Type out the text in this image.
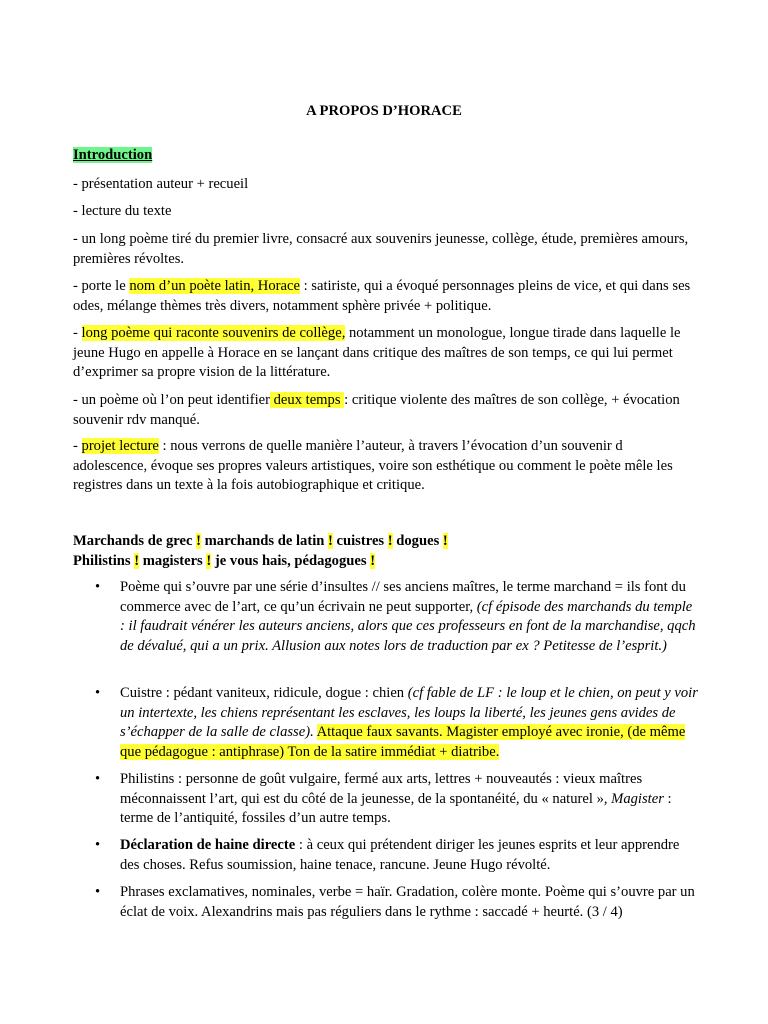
A PROPOS D’HORACE
Introduction
- présentation auteur + recueil
- lecture du texte
- un long poème tiré du premier livre, consacré aux souvenirs jeunesse, collège, étude, premières amours, premières révoltes.
- porte le nom d’un poète latin, Horace : satiriste, qui a évoqué personnages pleins de vice, et qui dans ses odes, mélange thèmes très divers, notamment sphère privée + politique.
- long poème qui raconte souvenirs de collège, notamment un monologue, longue tirade dans laquelle le jeune Hugo en appelle à Horace en se lançant dans critique des maîtres de son temps, ce qui lui permet d’exprimer sa propre vision de la littérature.
- un poème où l’on peut identifier deux temps : critique violente des maîtres de son collège, + évocation souvenir rdv manqué.
- projet lecture : nous verrons de quelle manière l’auteur, à travers l’évocation d’un souvenir d adolescence, évoque ses propres valeurs artistiques, voire son esthétique ou comment le poète mêle les registres dans un texte à la fois autobiographique et critique.
Marchands de grec ! marchands de latin ! cuistres ! dogues !
Philistins ! magisters ! je vous hais, pédagogues !
• Poème qui s’ouvre par une série d’insultes // ses anciens maîtres, le terme marchand = ils font du commerce avec de l’art, ce qu’un écrivain ne peut supporter, (cf épisode des marchands du temple : il faudrait vénérer les auteurs anciens, alors que ces professeurs en font de la marchandise, qqch de dévalué, qui a un prix. Allusion aux notes lors de traduction par ex ? Petitesse de l’esprit.)
• Cuistre : pédant vaniteux, ridicule, dogue : chien (cf fable de LF : le loup et le chien, on peut y voir un intertexte, les chiens représentant les esclaves, les loups la liberté, les jeunes gens avides de s’échapper de la salle de classe). Attaque faux savants. Magister employé avec ironie, (de même que pédagogue : antiphrase) Ton de la satire immédiat + diatribe.
• Philistins : personne de goût vulgaire, fermé aux arts, lettres + nouveautés : vieux maîtres méconnaissent l’art, qui est du côté de la jeunesse, de la spontanéité, du « naturel », Magister : terme de l’antiquité, fossiles d’un autre temps.
• Déclaration de haine directe : à ceux qui prétendent diriger les jeunes esprits et leur apprendre des choses. Refus soumission, haine tenace, rancune. Jeune Hugo révolté.
• Phrases exclamatives, nominales, verbe = haïr. Gradation, colère monte. Poème qui s’ouvre par un éclat de voix. Alexandrins mais pas réguliers dans le rythme : saccadé + heurté. (3 / 4)
